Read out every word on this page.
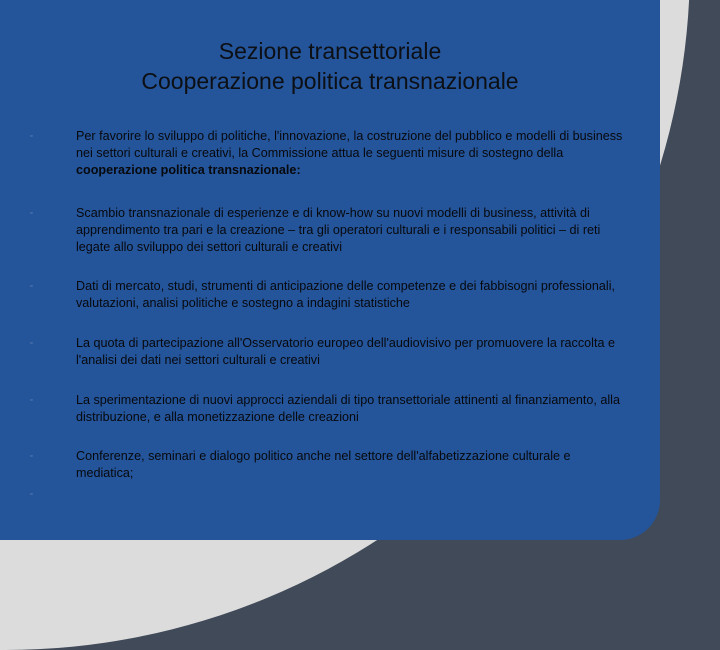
Sezione transettoriale
Cooperazione politica transnazionale
▫	Per favorire lo sviluppo di politiche, l'innovazione, la costruzione del pubblico e modelli di business nei settori culturali e creativi, la Commissione attua le seguenti misure di sostegno della cooperazione politica transnazionale:
▫	Scambio transnazionale di esperienze e di know-how su nuovi modelli di business, attività di apprendimento tra pari e la creazione – tra gli operatori culturali e i responsabili politici – di reti legate allo sviluppo dei settori culturali e creativi
▫	Dati di mercato, studi, strumenti di anticipazione delle competenze e dei fabbisogni professionali, valutazioni, analisi politiche e sostegno a indagini statistiche
▫	La quota di partecipazione all'Osservatorio europeo dell'audiovisivo per promuovere la raccolta e l'analisi dei dati nei settori culturali e creativi
▫	La sperimentazione di nuovi approcci aziendali di tipo transettoriale attinenti al finanziamento, alla distribuzione, e alla monetizzazione delle creazioni
▫	Conferenze, seminari e dialogo politico anche nel settore dell'alfabetizzazione culturale e mediatica;
▫
